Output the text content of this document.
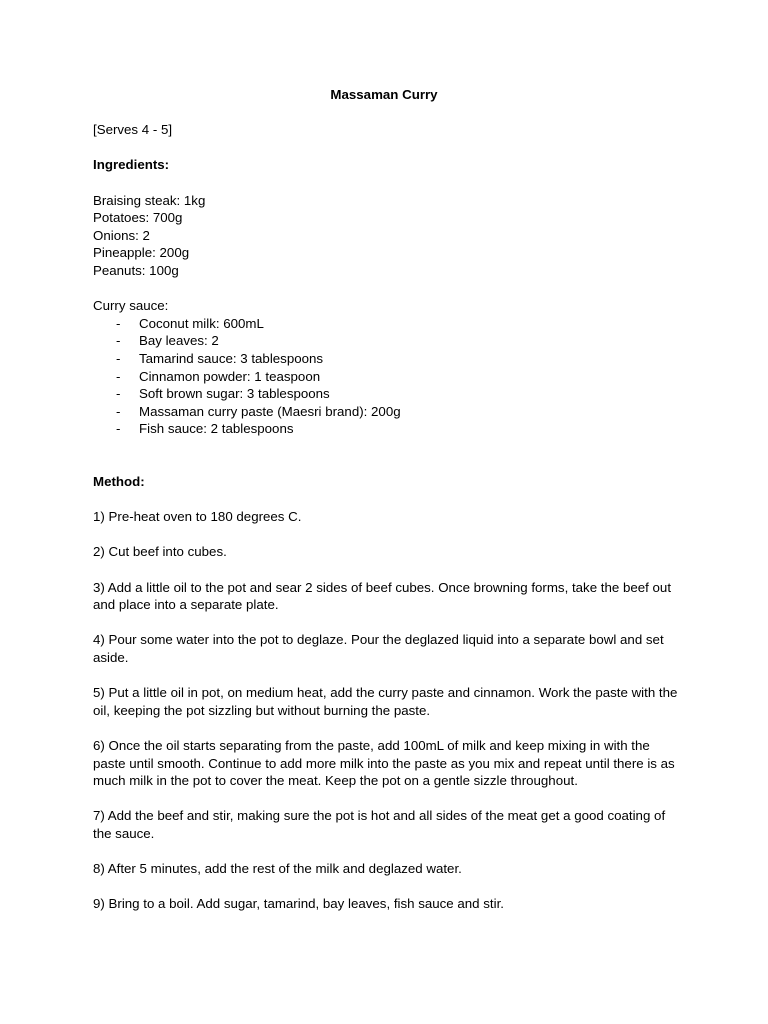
Massaman Curry

[Serves 4 - 5]

Ingredients:

Braising steak: 1kg

Potatoes: 700g

Onions: 2

Pineapple: 200g

Peanuts: 100g

Curry sauce:

- Coconut milk: 600mL
- Bay leaves: 2
- Tamarind sauce: 3 tablespoons
- Cinnamon powder: 1 teaspoon
- Soft brown sugar: 3 tablespoons
- Massaman curry paste (Maesri brand): 200g
- Fish sauce: 2 tablespoons

Method:

1) Pre-heat oven to 180 degrees C.

2) Cut beef into cubes.

3) Add a little oil to the pot and sear 2 sides of beef cubes. Once browning forms, take the beef out and place into a separate plate.

4) Pour some water into the pot to deglaze. Pour the deglazed liquid into a separate bowl and set aside.

5) Put a little oil in pot, on medium heat, add the curry paste and cinnamon. Work the paste with the oil, keeping the pot sizzling but without burning the paste.

6) Once the oil starts separating from the paste, add 100mL of milk and keep mixing in with the paste until smooth. Continue to add more milk into the paste as you mix and repeat until there is as much milk in the pot to cover the meat. Keep the pot on a gentle sizzle throughout.

7) Add the beef and stir, making sure the pot is hot and all sides of the meat get a good coating of the sauce.

8) After 5 minutes, add the rest of the milk and deglazed water.

9) Bring to a boil. Add sugar, tamarind, bay leaves, fish sauce and stir.
